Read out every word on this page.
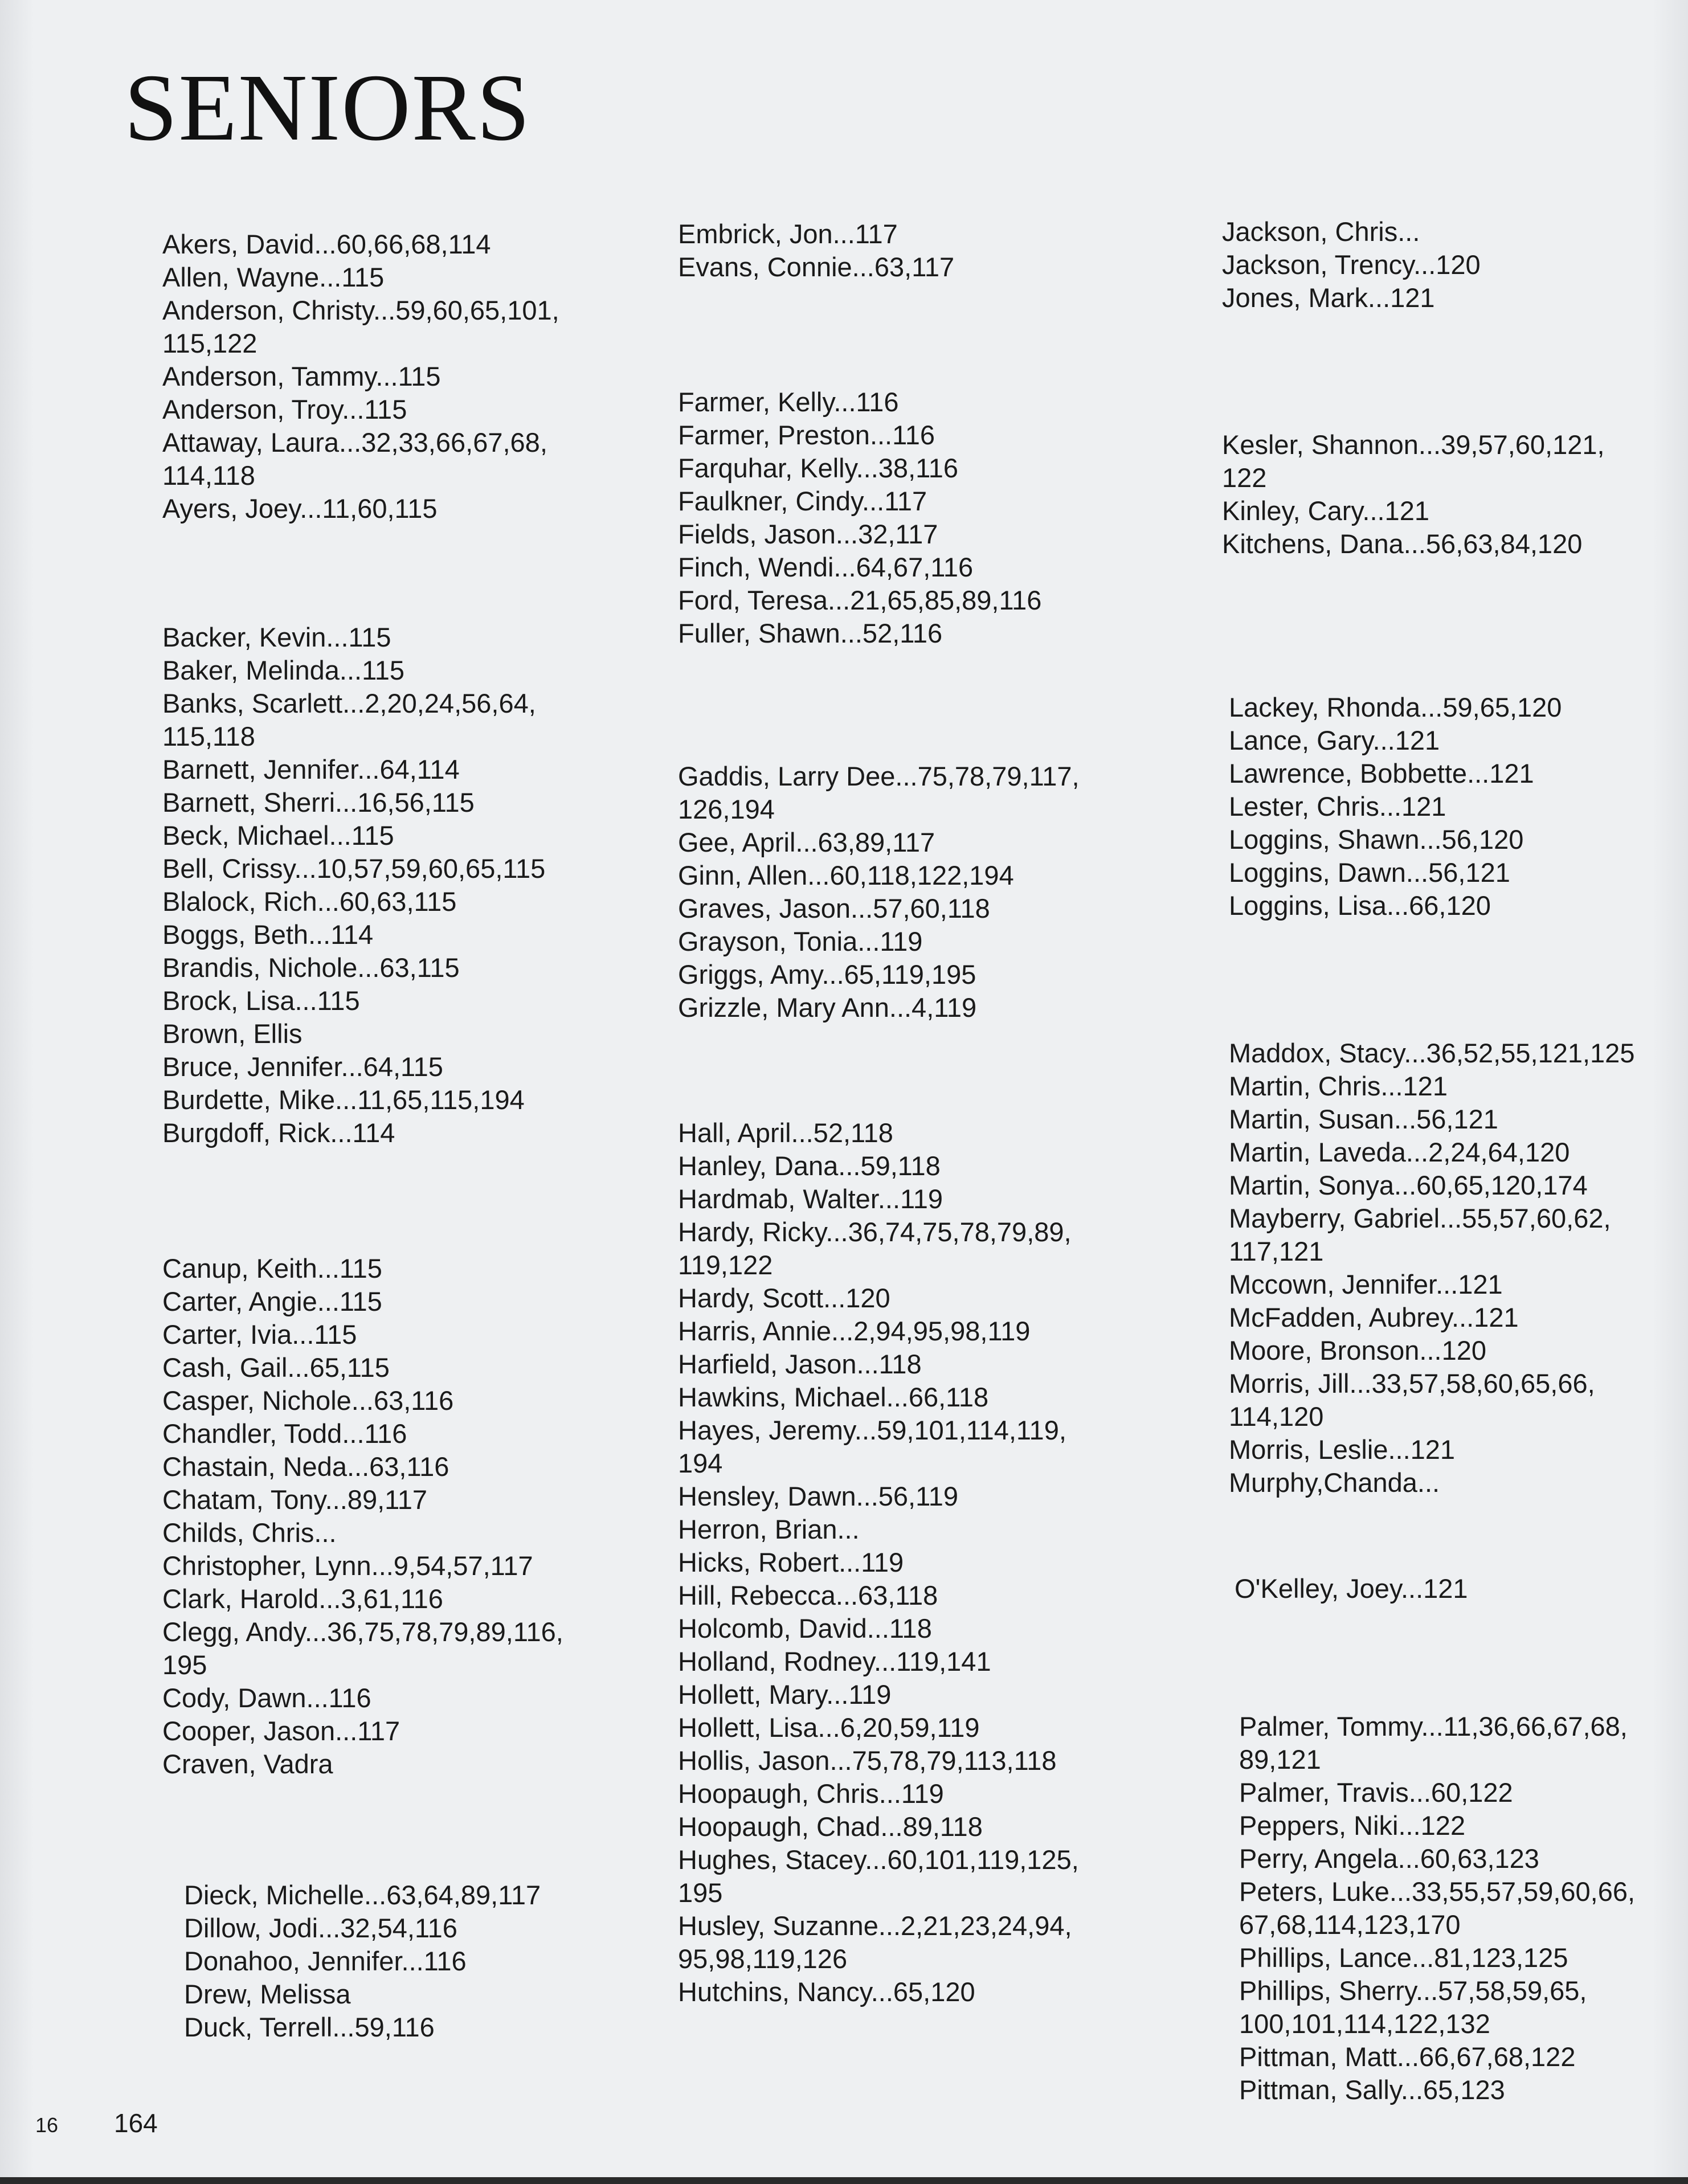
SENIORS
Akers, David...60,66,68,114
Allen, Wayne...115
Anderson, Christy...59,60,65,101,
115,122
Anderson, Tammy...115
Anderson, Troy...115
Attaway, Laura...32,33,66,67,68,
114,118
Ayers, Joey...11,60,115
Backer, Kevin...115
Baker, Melinda...115
Banks, Scarlett...2,20,24,56,64,
115,118
Barnett, Jennifer...64,114
Barnett, Sherri...16,56,115
Beck, Michael...115
Bell, Crissy...10,57,59,60,65,115
Blalock, Rich...60,63,115
Boggs, Beth...114
Brandis, Nichole...63,115
Brock, Lisa...115
Brown, Ellis
Bruce, Jennifer...64,115
Burdette, Mike...11,65,115,194
Burgdoff, Rick...114
Canup, Keith...115
Carter, Angie...115
Carter, Ivia...115
Cash, Gail...65,115
Casper, Nichole...63,116
Chandler, Todd...116
Chastain, Neda...63,116
Chatam, Tony...89,117
Childs, Chris...
Christopher, Lynn...9,54,57,117
Clark, Harold...3,61,116
Clegg, Andy...36,75,78,79,89,116,
195
Cody, Dawn...116
Cooper, Jason...117
Craven, Vadra
Dieck, Michelle...63,64,89,117
Dillow, Jodi...32,54,116
Donahoo, Jennifer...116
Drew, Melissa
Duck, Terrell...59,116
Embrick, Jon...117
Evans, Connie...63,117
Farmer, Kelly...116
Farmer, Preston...116
Farquhar, Kelly...38,116
Faulkner, Cindy...117
Fields, Jason...32,117
Finch, Wendi...64,67,116
Ford, Teresa...21,65,85,89,116
Fuller, Shawn...52,116
Gaddis, Larry Dee...75,78,79,117,
126,194
Gee, April...63,89,117
Ginn, Allen...60,118,122,194
Graves, Jason...57,60,118
Grayson, Tonia...119
Griggs, Amy...65,119,195
Grizzle, Mary Ann...4,119
Hall, April...52,118
Hanley, Dana...59,118
Hardmab, Walter...119
Hardy, Ricky...36,74,75,78,79,89,
119,122
Hardy, Scott...120
Harris, Annie...2,94,95,98,119
Harfield, Jason...118
Hawkins, Michael...66,118
Hayes, Jeremy...59,101,114,119,
194
Hensley, Dawn...56,119
Herron, Brian...
Hicks, Robert...119
Hill, Rebecca...63,118
Holcomb, David...118
Holland, Rodney...119,141
Hollett, Mary...119
Hollett, Lisa...6,20,59,119
Hollis, Jason...75,78,79,113,118
Hoopaugh, Chris...119
Hoopaugh, Chad...89,118
Hughes, Stacey...60,101,119,125,
195
Husley, Suzanne...2,21,23,24,94,
95,98,119,126
Hutchins, Nancy...65,120
Jackson, Chris...
Jackson, Trency...120
Jones, Mark...121
Kesler, Shannon...39,57,60,121,
122
Kinley, Cary...121
Kitchens, Dana...56,63,84,120
Lackey, Rhonda...59,65,120
Lance, Gary...121
Lawrence, Bobbette...121
Lester, Chris...121
Loggins, Shawn...56,120
Loggins, Dawn...56,121
Loggins, Lisa...66,120
Maddox, Stacy...36,52,55,121,125
Martin, Chris...121
Martin, Susan...56,121
Martin, Laveda...2,24,64,120
Martin, Sonya...60,65,120,174
Mayberry, Gabriel...55,57,60,62,
117,121
Mccown, Jennifer...121
McFadden, Aubrey...121
Moore, Bronson...120
Morris, Jill...33,57,58,60,65,66,
114,120
Morris, Leslie...121
Murphy,Chanda...
O'Kelley, Joey...121
Palmer, Tommy...11,36,66,67,68,
89,121
Palmer, Travis...60,122
Peppers, Niki...122
Perry, Angela...60,63,123
Peters, Luke...33,55,57,59,60,66,
67,68,114,123,170
Phillips, Lance...81,123,125
Phillips, Sherry...57,58,59,65,
100,101,114,122,132
Pittman, Matt...66,67,68,122
Pittman, Sally...65,123
16 164
